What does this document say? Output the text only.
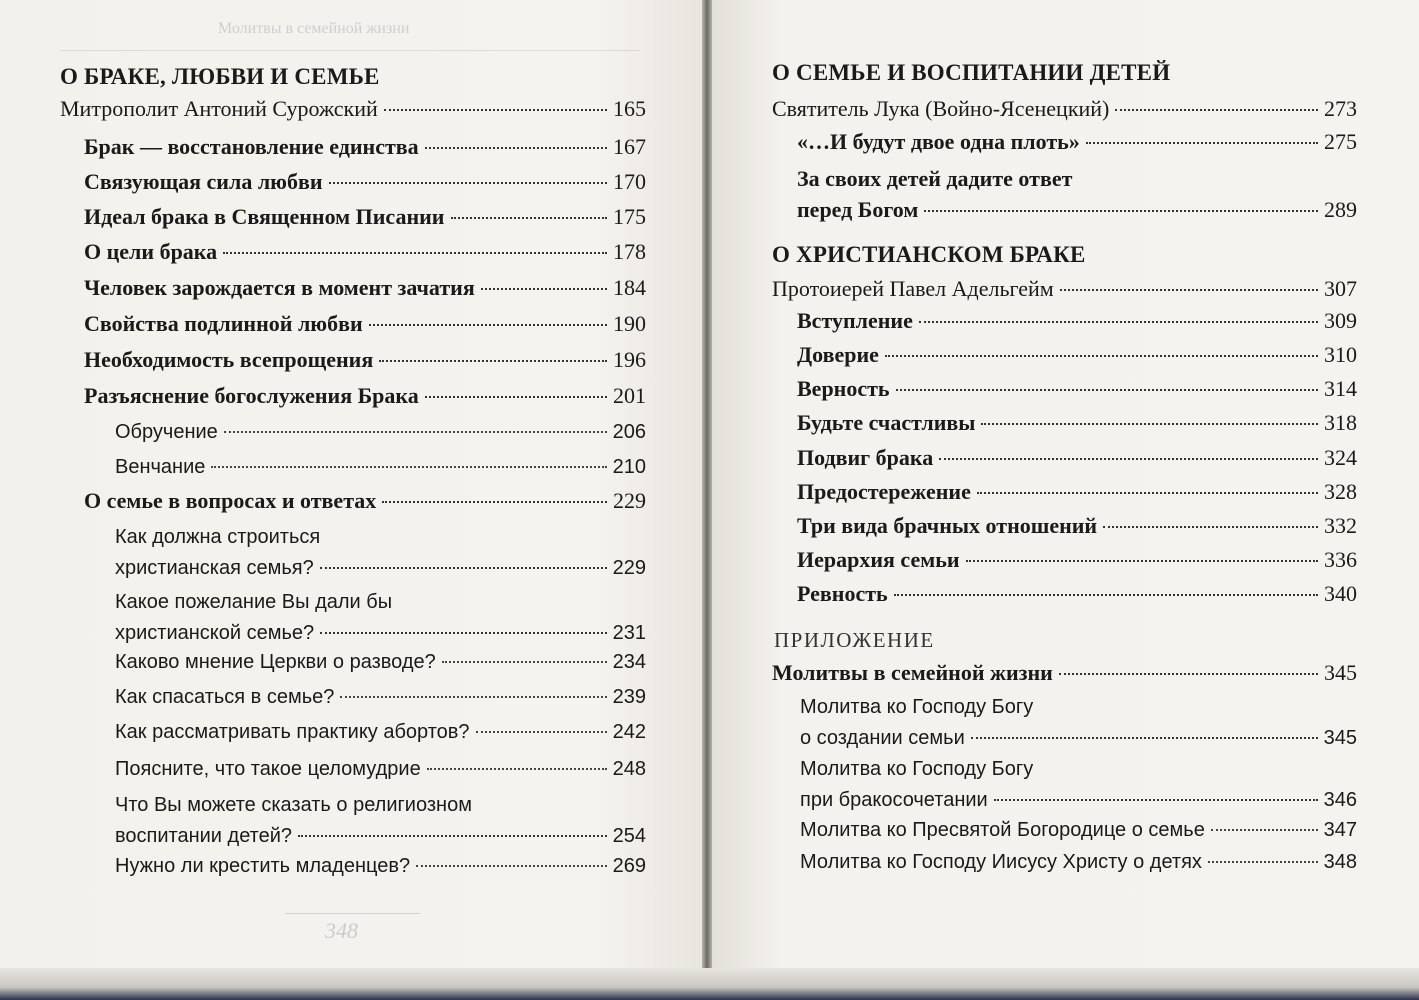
Молитвы в семейной жизни
О БРАКЕ, ЛЮБВИ И СЕМЬЕ
Митрополит Антоний Сурожский	165
Брак — восстановление единства	167
Связующая сила любви	170
Идеал брака в Священном Писании	175
О цели брака	178
Человек зарождается в момент зачатия	184
Свойства подлинной любви	190
Необходимость всепрощения	196
Разъяснение богослужения Брака	201
Обручение	206
Венчание	210
О семье в вопросах и ответах	229
Как должна строиться
христианская семья?	229
Какое пожелание Вы дали бы
христианской семье?	231
Каково мнение Церкви о разводе?	234
Как спасаться в семье?	239
Как рассматривать практику абортов?	242
Поясните, что такое целомудрие	248
Что Вы можете сказать о религиозном
воспитании детей?	254
Нужно ли крестить младенцев?	269
348
О СЕМЬЕ И ВОСПИТАНИИ ДЕТЕЙ
Святитель Лука (Войно-Ясенецкий)	273
«…И будут двое одна плоть»	275
За своих детей дадите ответ
перед Богом	289
О ХРИСТИАНСКОМ БРАКЕ
Протоиерей Павел Адельгейм	307
Вступление	309
Доверие	310
Верность	314
Будьте счастливы	318
Подвиг брака	324
Предостережение	328
Три вида брачных отношений	332
Иерархия семьи	336
Ревность	340
ПРИЛОЖЕНИЕ
Молитвы в семейной жизни	345
Молитва ко Господу Богу
о создании семьи	345
Молитва ко Господу Богу
при бракосочетании	346
Молитва ко Пресвятой Богородице о семье	347
Молитва ко Господу Иисусу Христу о детях	348
